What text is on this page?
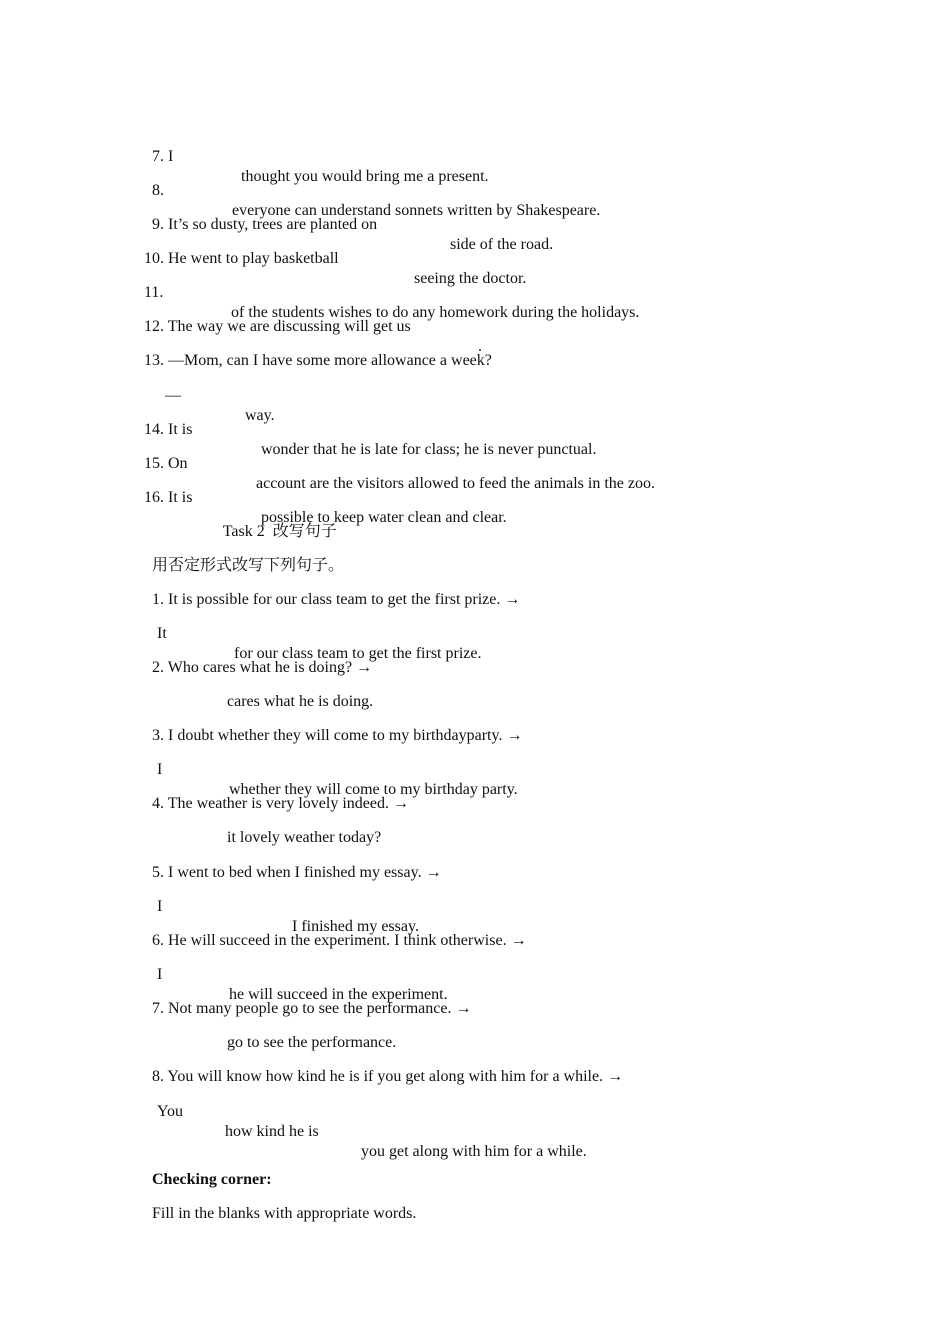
7. I

thought you would bring me a present.

8.

everyone can understand sonnets written by Shakespeare.

9. It’s so dusty, trees are planted on

side of the road.

10. He went to play basketball

seeing the doctor.

11.

of the students wishes to do any homework during the holidays.

12. The way we are discussing will get us

.

13. —Mom, can I have some more allowance a week?

—

way.

14. It is

wonder that he is late for class; he is never punctual.

15. On

account are the visitors allowed to feed the animals in the zoo.

16. It is

possible to keep water clean and clear.

Task 2  改写句子

用否定形式改写下列句子。

1. It is possible for our class team to get the first prize. →

It

for our class team to get the first prize.

2. Who cares what he is doing? →

cares what he is doing.

3. I doubt whether they will come to my birthdayparty. →

I

whether they will come to my birthday party.

4. The weather is very lovely indeed. →

it lovely weather today?

5. I went to bed when I finished my essay. →

I

I finished my essay.

6. He will succeed in the experiment. I think otherwise. →

I

he will succeed in the experiment.

7. Not many people go to see the performance. →

go to see the performance.

8. You will know how kind he is if you get along with him for a while. →

You

how kind he is

you get along with him for a while.

Checking corner:

Fill in the blanks with appropriate words.
